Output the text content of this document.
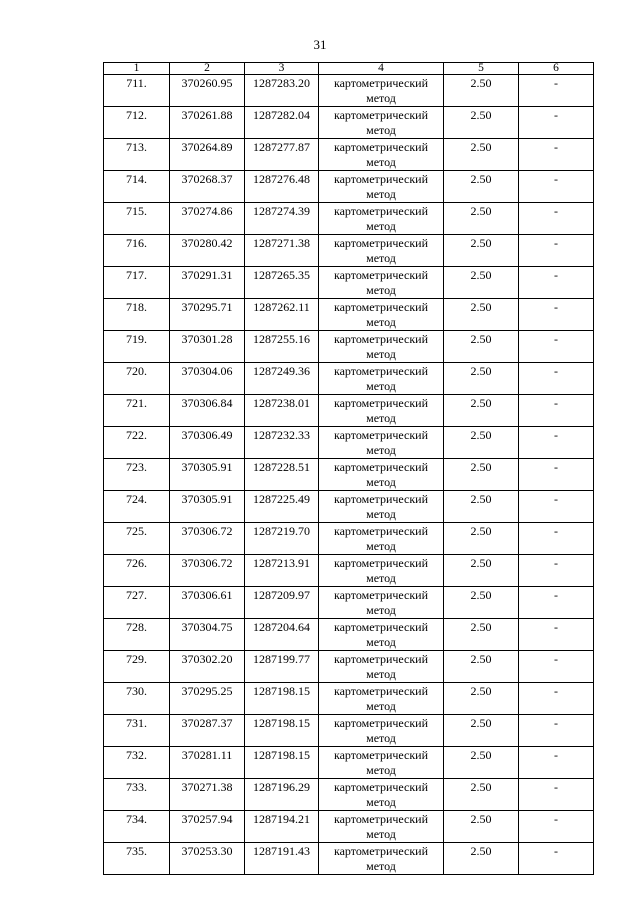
31
1	2	3	4	5	6
711.	370260.95	1287283.20	картометрический метод	2.50	-
712.	370261.88	1287282.04	картометрический метод	2.50	-
713.	370264.89	1287277.87	картометрический метод	2.50	-
714.	370268.37	1287276.48	картометрический метод	2.50	-
715.	370274.86	1287274.39	картометрический метод	2.50	-
716.	370280.42	1287271.38	картометрический метод	2.50	-
717.	370291.31	1287265.35	картометрический метод	2.50	-
718.	370295.71	1287262.11	картометрический метод	2.50	-
719.	370301.28	1287255.16	картометрический метод	2.50	-
720.	370304.06	1287249.36	картометрический метод	2.50	-
721.	370306.84	1287238.01	картометрический метод	2.50	-
722.	370306.49	1287232.33	картометрический метод	2.50	-
723.	370305.91	1287228.51	картометрический метод	2.50	-
724.	370305.91	1287225.49	картометрический метод	2.50	-
725.	370306.72	1287219.70	картометрический метод	2.50	-
726.	370306.72	1287213.91	картометрический метод	2.50	-
727.	370306.61	1287209.97	картометрический метод	2.50	-
728.	370304.75	1287204.64	картометрический метод	2.50	-
729.	370302.20	1287199.77	картометрический метод	2.50	-
730.	370295.25	1287198.15	картометрический метод	2.50	-
731.	370287.37	1287198.15	картометрический метод	2.50	-
732.	370281.11	1287198.15	картометрический метод	2.50	-
733.	370271.38	1287196.29	картометрический метод	2.50	-
734.	370257.94	1287194.21	картометрический метод	2.50	-
735.	370253.30	1287191.43	картометрический метод	2.50	-
